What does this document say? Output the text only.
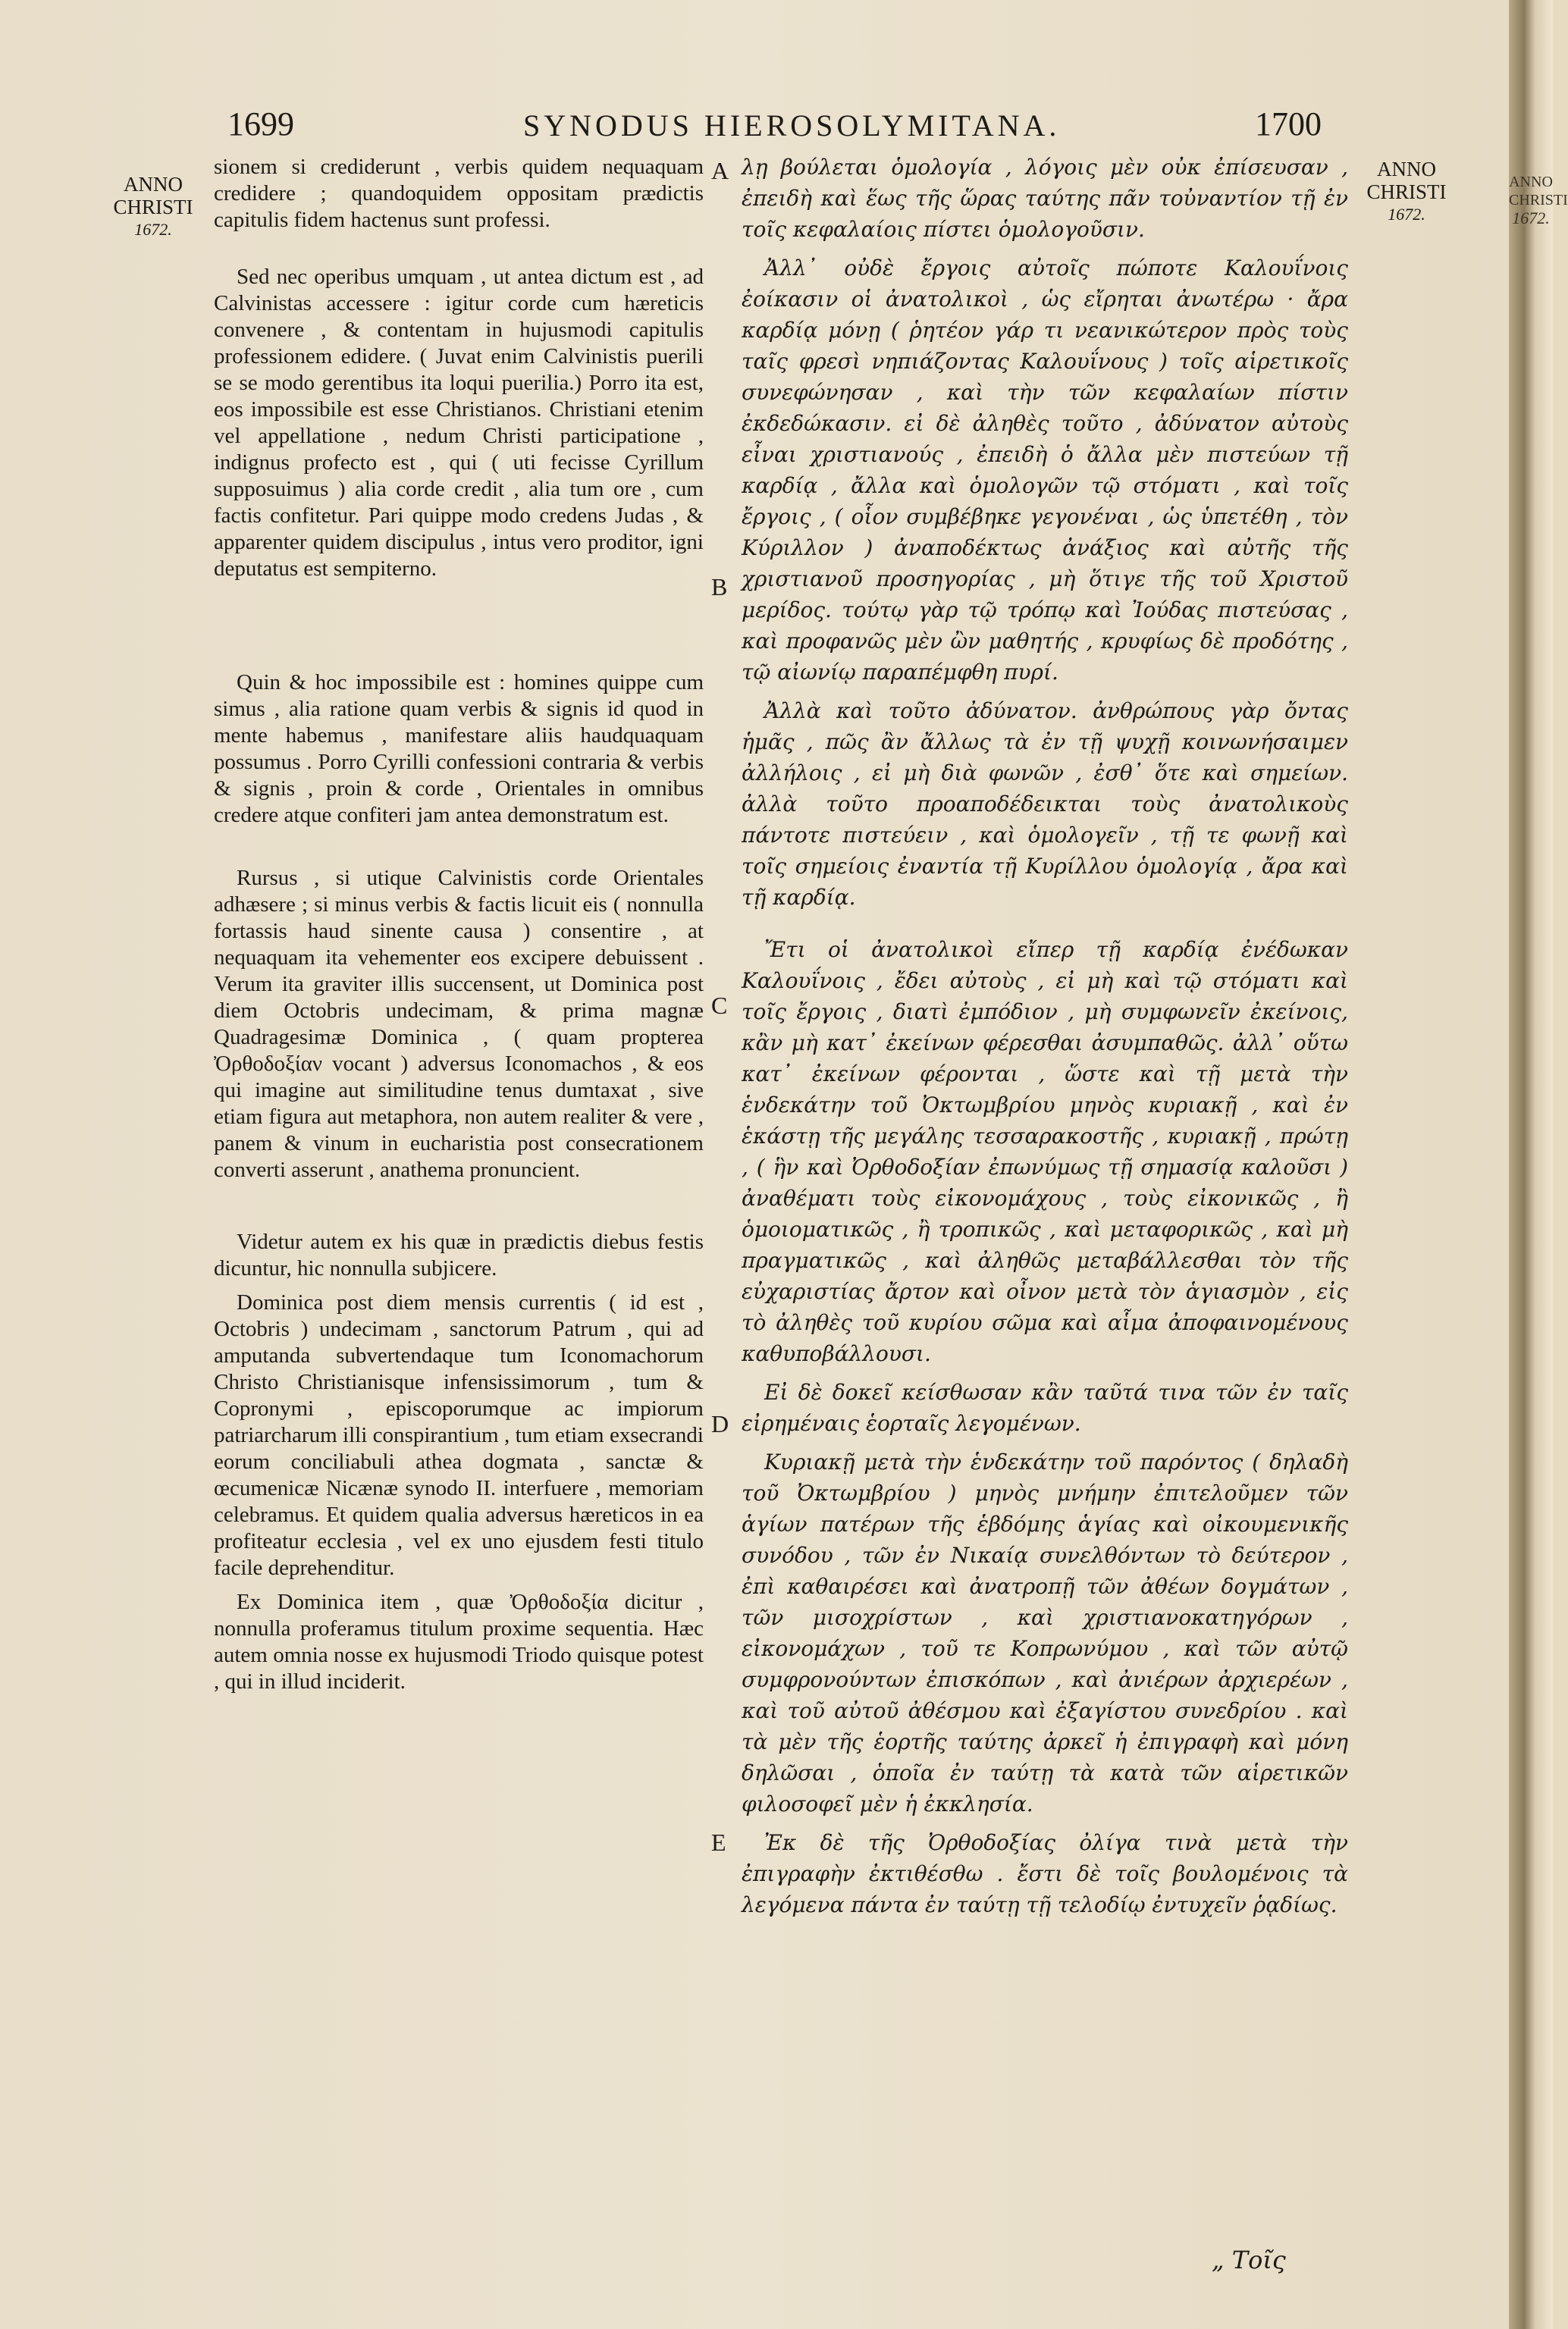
1699	SYNODUS HIEROSOLYMITANA.	1700
ANNO
CHRISTI
1672.
ANNO
CHRISTI
1672.
ANNO
CHRISTI
1672.

sionem si crediderunt , verbis quidem nequaquam credidere ; quandoquidem oppositam prædictis capitulis fidem hactenus sunt professi.

Sed nec operibus umquam , ut antea dictum est , ad Calvinistas accessere : igitur corde cum hæreticis convenere , & contentam in hujusmodi capitulis professionem edidere. ( Juvat enim Calvinistis puerili se se modo gerentibus ita loqui puerilia.) Porro ita est, eos impossibile est esse Christianos. Christiani etenim vel appellatione , nedum Christi participatione , indignus profecto est , qui ( uti fecisse Cyrillum supposuimus ) alia corde credit , alia tum ore , cum factis confitetur. Pari quippe modo credens Judas , & apparenter quidem discipulus , intus vero proditor, igni deputatus est sempiterno.

Quin & hoc impossibile est : homines quippe cum simus , alia ratione quam verbis & signis id quod in mente habemus , manifestare aliis haudquaquam possumus . Porro Cyrilli confessioni contraria & verbis & signis , proin & corde , Orientales in omnibus credere atque confiteri jam antea demonstratum est.

Rursus , si utique Calvinistis corde Orientales adhæsere ; si minus verbis & factis licuit eis ( nonnulla fortassis haud sinente causa ) consentire , at nequaquam ita vehementer eos excipere debuissent . Verum ita graviter illis succensent, ut Dominica post diem Octobris undecimam, & prima magnæ Quadragesimæ Dominica , ( quam propterea Ὀρθοδοξίαν vocant ) adversus Iconomachos , & eos qui imagine aut similitudine tenus dumtaxat , sive etiam figura aut metaphora, non autem realiter & vere , panem & vinum in eucharistia post consecrationem converti asserunt , anathema pronuncient.

Videtur autem ex his quæ in prædictis diebus festis dicuntur, hic nonnulla subjicere.

Dominica post diem mensis currentis ( id est , Octobris ) undecimam , sanctorum Patrum , qui ad amputanda subvertendaque tum Iconomachorum Christo Christianisque infensissimorum , tum & Copronymi , episcoporumque ac impiorum patriarcharum illi conspirantium , tum etiam exsecrandi eorum conciliabuli athea dogmata , sanctæ & œcumenicæ Nicænæ synodo II. interfuere , memoriam celebramus. Et quidem qualia adversus hæreticos in ea profiteatur ecclesia , vel ex uno ejusdem festi titulo facile deprehenditur.

Ex Dominica item , quæ Ὀρθοδοξία dicitur , nonnulla proferamus titulum proxime sequentia. Hæc autem omnia nosse ex hujusmodi Triodo quisque potest , qui in illud inciderit.

A
B
C
D
E

λῃ βούλεται ὁμολογία , λόγοις μὲν οὐκ ἐπίσευσαν , ἐπειδὴ καὶ ἕως τῆς ὥρας ταύτης πᾶν τοὐναντίον τῇ ἐν τοῖς κεφαλαίοις πίστει ὁμολογοῦσιν.

Ἀλλ᾽ οὐδὲ ἔργοις αὐτοῖς πώποτε Καλουΐνοις ἐοίκασιν οἱ ἀνατολικοὶ , ὡς εἴρηται ἀνωτέρω · ἄρα καρδίᾳ μόνῃ ( ῥητέον γάρ τι νεανικώτερον πρὸς τοὺς ταῖς φρεσὶ νηπιάζοντας Καλουΐνους ) τοῖς αἱρετικοῖς συνεφώνησαν , καὶ τὴν τῶν κεφαλαίων πίστιν ἐκδεδώκασιν. εἰ δὲ ἀληθὲς τοῦτο , ἀδύνατον αὐτοὺς εἶναι χριστιανούς , ἐπειδὴ ὁ ἄλλα μὲν πιστεύων τῇ καρδίᾳ , ἄλλα καὶ ὁμολογῶν τῷ στόματι , καὶ τοῖς ἔργοις , ( οἷον συμβέβηκε γεγονέναι , ὡς ὑπετέθη , τὸν Κύριλλον ) ἀναποδέκτως ἀνάξιος καὶ αὐτῆς τῆς χριστιανοῦ προσηγορίας , μὴ ὅτιγε τῆς τοῦ Χριστοῦ μερίδος. τούτῳ γὰρ τῷ τρόπῳ καὶ Ἰούδας πιστεύσας , καὶ προφανῶς μὲν ὢν μαθητής , κρυφίως δὲ προδότης , τῷ αἰωνίῳ παραπέμφθη πυρί.

Ἀλλὰ καὶ τοῦτο ἀδύνατον. ἀνθρώπους γὰρ ὄντας ἡμᾶς , πῶς ἂν ἄλλως τὰ ἐν τῇ ψυχῇ κοινωνήσαιμεν ἀλλήλοις , εἰ μὴ διὰ φωνῶν , ἐσθ᾽ ὅτε καὶ σημείων. ἀλλὰ τοῦτο προαποδέδεικται τοὺς ἀνατολικοὺς πάντοτε πιστεύειν , καὶ ὁμολογεῖν , τῇ τε φωνῇ καὶ τοῖς σημείοις ἐναντία τῇ Κυρίλλου ὁμολογίᾳ , ἄρα καὶ τῇ καρδίᾳ.

Ἔτι οἱ ἀνατολικοὶ εἴπερ τῇ καρδίᾳ ἐνέδωκαν Καλουΐνοις , ἔδει αὐτοὺς , εἰ μὴ καὶ τῷ στόματι καὶ τοῖς ἔργοις , διατὶ ἐμπόδιον , μὴ συμφωνεῖν ἐκείνοις, κἂν μὴ κατ᾽ ἐκείνων φέρεσθαι ἀσυμπαθῶς. ἀλλ᾽ οὕτω κατ᾽ ἐκείνων φέρονται , ὥστε καὶ τῇ μετὰ τὴν ἑνδεκάτην τοῦ Ὀκτωμβρίου μηνὸς κυριακῇ , καὶ ἐν ἑκάστῃ τῆς μεγάλης τεσσαρακοστῆς , κυριακῇ , πρώτῃ , ( ἣν καὶ Ὀρθοδοξίαν ἐπωνύμως τῇ σημασίᾳ καλοῦσι ) ἀναθέματι τοὺς εἰκονομάχους , τοὺς εἰκονικῶς , ἢ ὁμοιοματικῶς , ἢ τροπικῶς , καὶ μεταφορικῶς , καὶ μὴ πραγματικῶς , καὶ ἀληθῶς μεταβάλλεσθαι τὸν τῆς εὐχαριστίας ἄρτον καὶ οἶνον μετὰ τὸν ἁγιασμὸν , εἰς τὸ ἀληθὲς τοῦ κυρίου σῶμα καὶ αἷμα ἀποφαινομένους καθυποβάλλουσι.

Εἰ δὲ δοκεῖ κείσθωσαν κἂν ταῦτά τινα τῶν ἐν ταῖς εἰρημέναις ἑορταῖς λεγομένων.

Κυριακῇ μετὰ τὴν ἑνδεκάτην τοῦ παρόντος ( δηλαδὴ τοῦ Ὀκτωμβρίου ) μηνὸς μνήμην ἐπιτελοῦμεν τῶν ἁγίων πατέρων τῆς ἑβδόμης ἁγίας καὶ οἰκουμενικῆς συνόδου , τῶν ἐν Νικαίᾳ συνελθόντων τὸ δεύτερον , ἐπὶ καθαιρέσει καὶ ἀνατροπῇ τῶν ἀθέων δογμάτων , τῶν μισοχρίστων , καὶ χριστιανοκατηγόρων , εἰκονομάχων , τοῦ τε Κοπρωνύμου , καὶ τῶν αὐτῷ συμφρονούντων ἐπισκόπων , καὶ ἀνιέρων ἀρχιερέων , καὶ τοῦ αὐτοῦ ἀθέσμου καὶ ἐξαγίστου συνεδρίου . καὶ τὰ μὲν τῆς ἑορτῆς ταύτης ἀρκεῖ ἡ ἐπιγραφὴ καὶ μόνη δηλῶσαι , ὁποῖα ἐν ταύτῃ τὰ κατὰ τῶν αἱρετικῶν φιλοσοφεῖ μὲν ἡ ἐκκλησία.

Ἐκ δὲ τῆς Ὀρθοδοξίας ὀλίγα τινὰ μετὰ τὴν ἐπιγραφὴν ἐκτιθέσθω . ἔστι δὲ τοῖς βουλομένοις τὰ λεγόμενα πάντα ἐν ταύτῃ τῇ τελοδίῳ ἐντυχεῖν ῥᾳδίως.

„ Τοῖς
